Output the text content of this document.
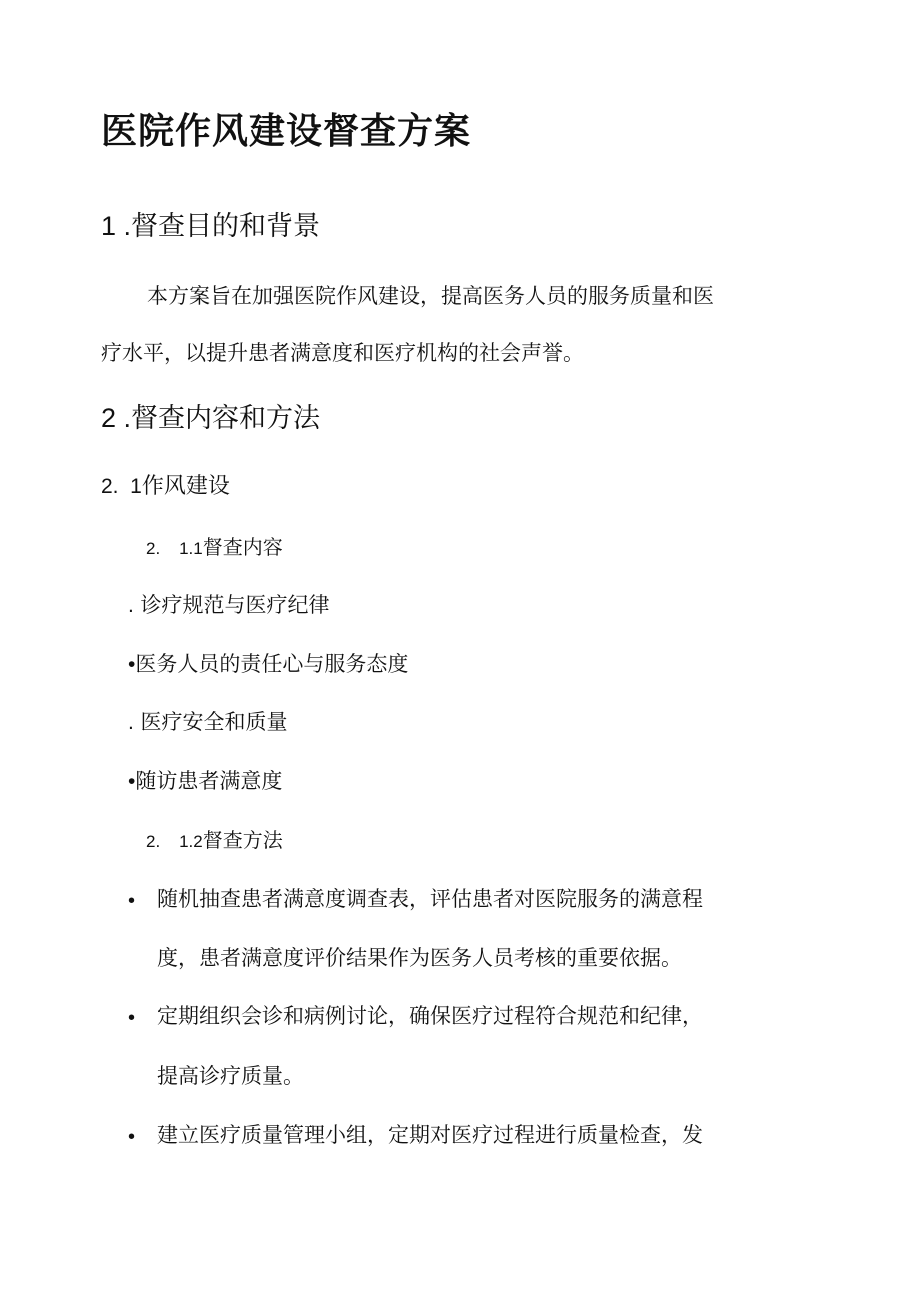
医院作风建设督查方案
1 .督查目的和背景

本方案旨在加强医院作风建设，提高医务人员的服务质量和医

疗水平，以提升患者满意度和医疗机构的社会声誉。

2 .督查内容和方法
2.  1作风建设
2.    1.1督查内容
. 诊疗规范与医疗纪律
•医务人员的责任心与服务态度
. 医疗安全和质量
•随访患者满意度
2.    1.2督查方法
• 随机抽查患者满意度调查表，评估患者对医院服务的满意程

度，患者满意度评价结果作为医务人员考核的重要依据。

• 定期组织会诊和病例讨论，确保医疗过程符合规范和纪律，

提高诊疗质量。

• 建立医疗质量管理小组，定期对医疗过程进行质量检查，发
